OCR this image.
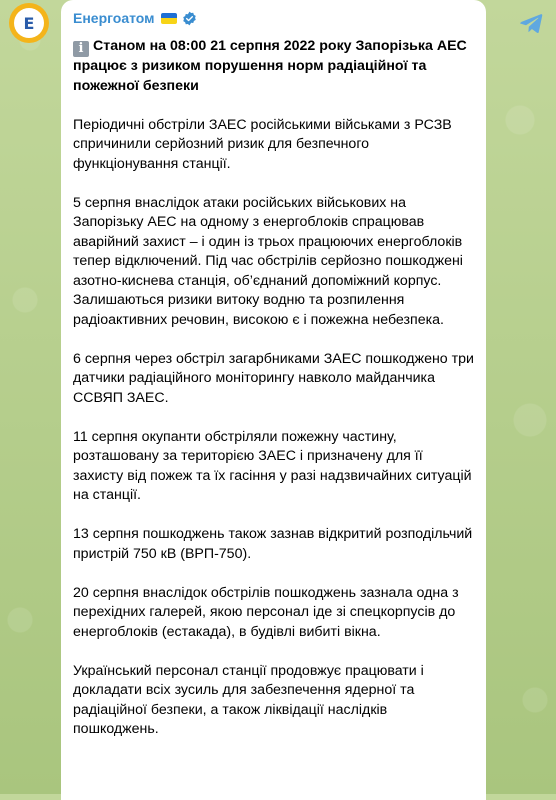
Е	Енергоатом

i Станом на 08:00 21 серпня 2022 року Запорізька АЕС працює з ризиком порушення норм радіаційної та пожежної безпеки

Періодичні обстріли ЗАЕС російськими військами з РСЗВ спричинили серйозний ризик для безпечного функціонування станції.

5 серпня внаслідок атаки російських військових на Запорізьку АЕС на одному з енергоблоків спрацював аварійний захист – і один із трьох працюючих енергоблоків тепер відключений. Під час обстрілів серйозно пошкоджені азотно-киснева станція, об’єднаний допоміжний корпус. Залишаються ризики витоку водню та розпилення радіоактивних речовин, високою є і пожежна небезпека.

6 серпня через обстріл загарбниками ЗАЕС пошкоджено три датчики радіаційного моніторингу навколо майданчика ССВЯП ЗАЕС.

11 серпня окупанти обстріляли пожежну частину, розташовану за територією ЗАЕС і призначену для її захисту від пожеж та їх гасіння у разі надзвичайних ситуацій на станції.

13 серпня пошкоджень також зазнав відкритий розподільчий пристрій 750 кВ (ВРП-750).

20 серпня внаслідок обстрілів пошкоджень зазнала одна з перехідних галерей, якою персонал іде зі спецкорпусів до енергоблоків (естакада), в будівлі вибиті вікна.

Український персонал станції продовжує працювати і докладати всіх зусиль для забезпечення ядерної та радіаційної безпеки, а також ліквідації наслідків пошкоджень.
